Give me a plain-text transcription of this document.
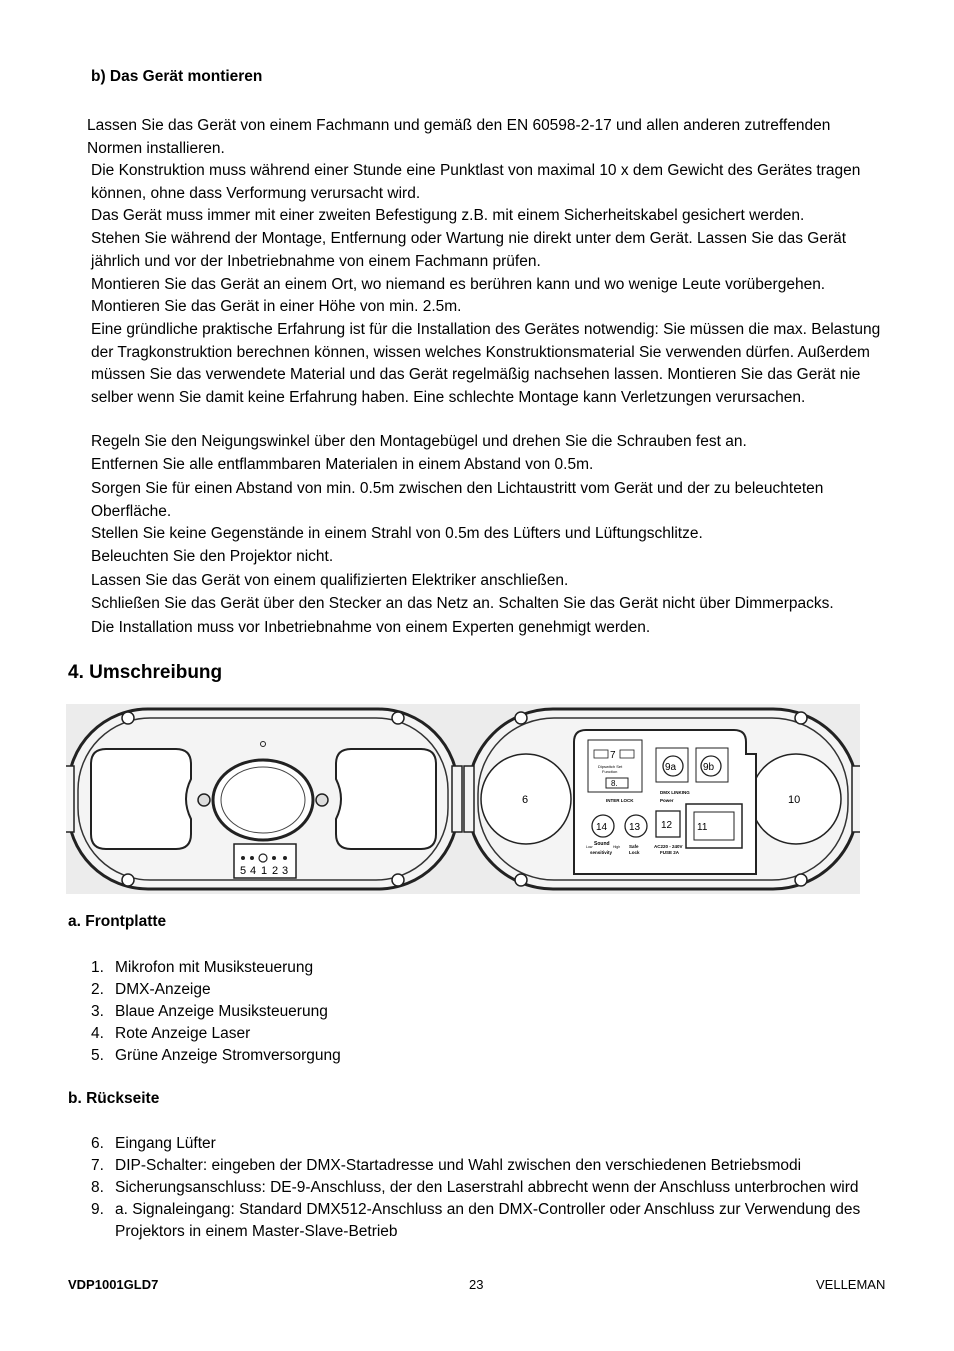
b) Das Gerät montieren
Lassen Sie das Gerät von einem Fachmann und gemäß den EN 60598-2-17 und allen anderen zutreffenden Normen installieren.
Die Konstruktion muss während einer Stunde eine Punktlast von maximal 10 x dem Gewicht des Gerätes tragen können, ohne dass Verformung verursacht wird.
Das Gerät muss immer mit einer zweiten Befestigung z.B. mit einem Sicherheitskabel gesichert werden.
Stehen Sie während der Montage, Entfernung oder Wartung nie direkt unter dem Gerät. Lassen Sie das Gerät jährlich und vor der Inbetriebnahme von einem Fachmann prüfen.
Montieren Sie das Gerät an einem Ort, wo niemand es berühren kann und wo wenige Leute vorübergehen.
Montieren Sie das Gerät in einer Höhe von min. 2.5m.
Eine gründliche praktische Erfahrung ist für die Installation des Gerätes notwendig: Sie müssen die max. Belastung der Tragkonstruktion berechnen können, wissen welches Konstruktionsmaterial Sie verwenden dürfen. Außerdem müssen Sie das verwendete Material und das Gerät regelmäßig nachsehen lassen. Montieren Sie das Gerät nie selber wenn Sie damit keine Erfahrung haben. Eine schlechte Montage kann Verletzungen verursachen.
Regeln Sie den Neigungswinkel über den Montagebügel und drehen Sie die Schrauben fest an.
Entfernen Sie alle entflammbaren Materialen in einem Abstand von 0.5m.
Sorgen Sie für einen Abstand von min. 0.5m zwischen den Lichtaustritt vom Gerät und der zu beleuchteten Oberfläche.
Stellen Sie keine Gegenstände in einem Strahl von 0.5m des Lüfters und Lüftungschlitze.
Beleuchten Sie den Projektor nicht.
Lassen Sie das Gerät von einem qualifizierten Elektriker anschließen.
Schließen Sie das Gerät über den Stecker an das Netz an. Schalten Sie das Gerät nicht über Dimmerpacks.
Die Installation muss vor Inbetriebnahme von einem Experten genehmigt werden.
4. Umschreibung
5 4 1 2 3
6	10
7
Dipswitch Set
Function
8.
INTER LOCK
9a	9b
DMX LINKING
Power
14 13
Low Sound High
sensitivity
Safe
Lock
12
AC220 - 240V
FUSE 2A
11
a. Frontplatte
1. Mikrofon mit Musiksteuerung
2. DMX-Anzeige
3. Blaue Anzeige Musiksteuerung
4. Rote Anzeige Laser
5. Grüne Anzeige Stromversorgung
b. Rückseite
6. Eingang Lüfter
7. DIP-Schalter: eingeben der DMX-Startadresse und Wahl zwischen den verschiedenen Betriebsmodi
8. Sicherungsanschluss: DE-9-Anschluss, der den Laserstrahl abbrecht wenn der Anschluss unterbrochen wird
9. a. Signaleingang: Standard DMX512-Anschluss an den DMX-Controller oder Anschluss zur Verwendung des Projektors in einem Master-Slave-Betrieb
VDP1001GLD7	23	VELLEMAN
